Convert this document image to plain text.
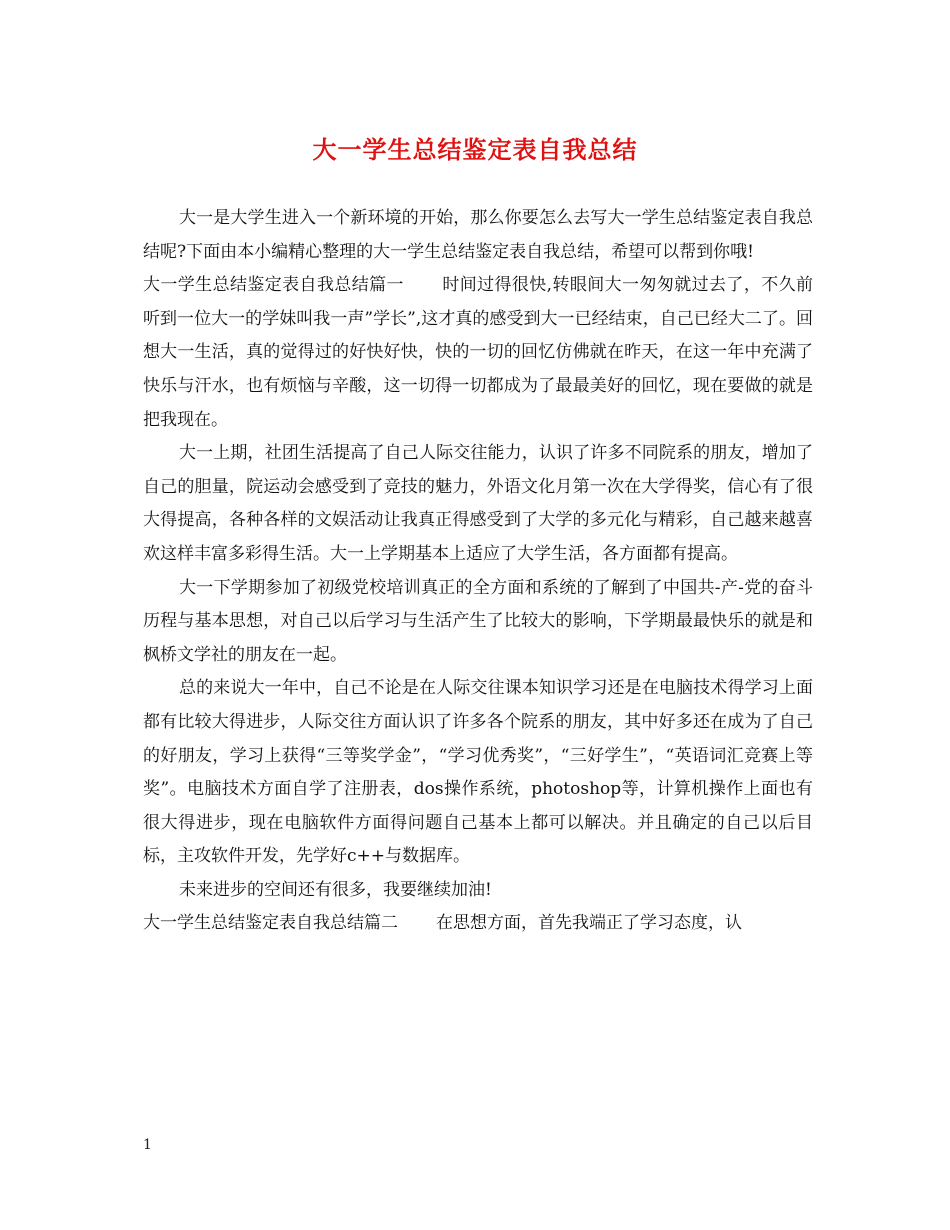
大一学生总结鉴定表自我总结

大一是大学生进入一个新环境的开始，那么你要怎么去写大一学生总结鉴定表自我总结呢?下面由本小编精心整理的大一学生总结鉴定表自我总结，希望可以帮到你哦!

大一学生总结鉴定表自我总结篇一 时间过得很快,转眼间大一匆匆就过去了，不久前听到一位大一的学妹叫我一声”学长”,这才真的感受到大一已经结束，自己已经大二了。回想大一生活，真的觉得过的好快好快，快的一切的回忆仿佛就在昨天，在这一年中充满了快乐与汗水，也有烦恼与辛酸，这一切得一切都成为了最最美好的回忆，现在要做的就是把我现在。

大一上期，社团生活提高了自己人际交往能力，认识了许多不同院系的朋友，增加了自己的胆量，院运动会感受到了竞技的魅力，外语文化月第一次在大学得奖，信心有了很大得提高，各种各样的文娱活动让我真正得感受到了大学的多元化与精彩，自己越来越喜欢这样丰富多彩得生活。大一上学期基本上适应了大学生活，各方面都有提高。

大一下学期参加了初级党校培训真正的全方面和系统的了解到了中国共-产-党的奋斗历程与基本思想，对自己以后学习与生活产生了比较大的影响，下学期最最快乐的就是和枫桥文学社的朋友在一起。

总的来说大一年中，自己不论是在人际交往课本知识学习还是在电脑技术得学习上面都有比较大得进步，人际交往方面认识了许多各个院系的朋友，其中好多还在成为了自己的好朋友，学习上获得“三等奖学金”，“学习优秀奖”，“三好学生”，“英语词汇竞赛上等奖”。电脑技术方面自学了注册表，dos操作系统，photoshop等，计算机操作上面也有很大得进步，现在电脑软件方面得问题自己基本上都可以解决。并且确定的自己以后目标，主攻软件开发，先学好c++与数据库。

未来进步的空间还有很多，我要继续加油!

大一学生总结鉴定表自我总结篇二 在思想方面，首先我端正了学习态度，认

1
